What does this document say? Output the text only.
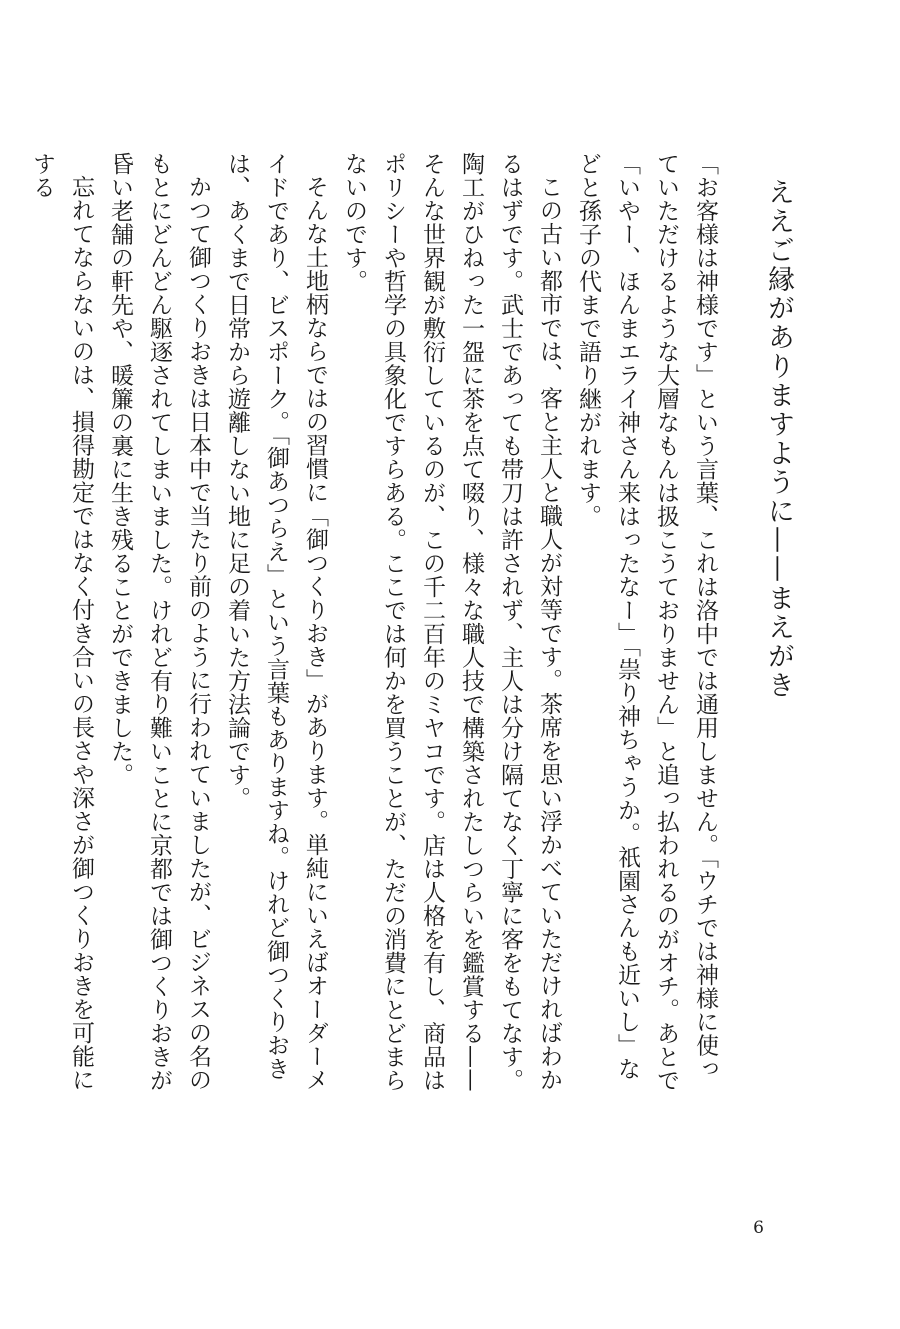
ええご縁がありますように——まえがき

「お客様は神様です」という言葉、これは洛中では通用しません。「ウチでは神様に使っていただけるような大層なもんは扱こうておりません」と追っ払われるのがオチ。あとで「いやー、ほんまエライ神さん来はったなー」「祟り神ちゃうか。祇園さんも近いし」などと孫子の代まで語り継がれます。

この古い都市では、客と主人と職人が対等です。茶席を思い浮かべていただければわかるはずです。武士であっても帯刀は許されず、主人は分け隔てなく丁寧に客をもてなす。陶工がひねった一盌に茶を点て啜り、様々な職人技で構築されたしつらいを鑑賞する——そんな世界観が敷衍しているのが、この千二百年のミヤコです。店は人格を有し、商品はポリシーや哲学の具象化ですらある。ここでは何かを買うことが、ただの消費にとどまらないのです。

そんな土地柄ならではの習慣に「御つくりおき」があります。単純にいえばオーダーメイドであり、ビスポーク。「御あつらえ」という言葉もありますね。けれど御つくりおきは、あくまで日常から遊離しない地に足の着いた方法論です。

かつて御つくりおきは日本中で当たり前のように行われていましたが、ビジネスの名のもとにどんどん駆逐されてしまいました。けれど有り難いことに京都では御つくりおきが昏い老舗の軒先や、暖簾の裏に生き残ることができました。

忘れてならないのは、損得勘定ではなく付き合いの長さや深さが御つくりおきを可能にする

6
